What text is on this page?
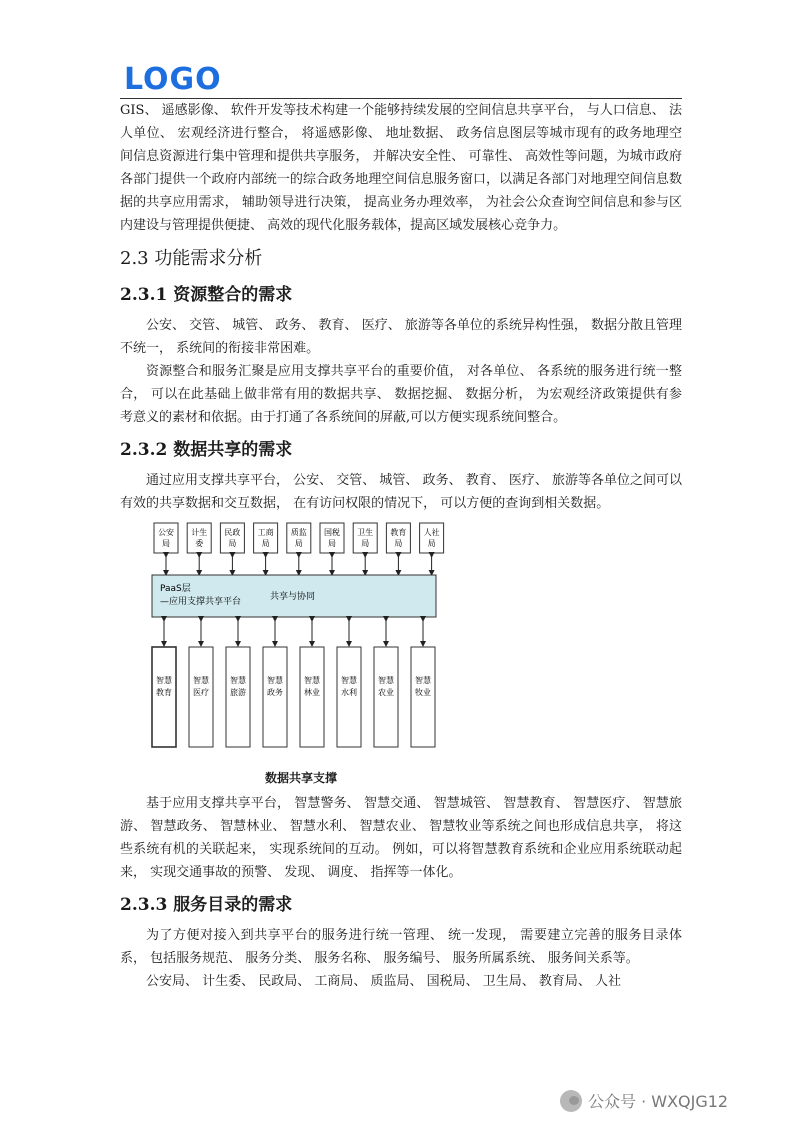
LOGO

GIS、 遥感影像、 软件开发等技术构建一个能够持续发展的空间信息共享平台， 与人口信息、 法人单位、 宏观经济进行整合， 将遥感影像、 地址数据、 政务信息图层等城市现有的政务地理空间信息资源进行集中管理和提供共享服务， 并解决安全性、 可靠性、 高效性等问题，为城市政府各部门提供一个政府内部统一的综合政务地理空间信息服务窗口，以满足各部门对地理空间信息数据的共享应用需求， 辅助领导进行决策， 提高业务办理效率， 为社会公众查询空间信息和参与区内建设与管理提供便捷、 高效的现代化服务载体，提高区域发展核心竞争力。

2.3 功能需求分析
2.3.1 资源整合的需求

公安、 交管、 城管、 政务、 教育、 医疗、 旅游等各单位的系统异构性强， 数据分散且管理不统一， 系统间的衔接非常困难。

资源整合和服务汇聚是应用支撑共享平台的重要价值， 对各单位、 各系统的服务进行统一整合， 可以在此基础上做非常有用的数据共享、 数据挖掘、 数据分析， 为宏观经济政策提供有参考意义的素材和依据。由于打通了各系统间的屏蔽,可以方便实现系统间整合。

2.3.2 数据共享的需求

通过应用支撑共享平台， 公安、 交管、 城管、 政务、 教育、 医疗、 旅游等各单位之间可以有效的共享数据和交互数据， 在有访问权限的情况下， 可以方便的查询到相关数据。

公安
局
计生
委
民政
局
工商
局
质监
局
国税
局
卫生
局
教育
局
人社
局
PaaS层
—应用支撑共享平台	共享与协同
智慧
教育
智慧
医疗
智慧
旅游
智慧
政务
智慧
林业
智慧
水利
智慧
农业
智慧
牧业
数据共享支撑

基于应用支撑共享平台， 智慧警务、 智慧交通、 智慧城管、 智慧教育、 智慧医疗、 智慧旅游、 智慧政务、 智慧林业、 智慧水利、 智慧农业、 智慧牧业等系统之间也形成信息共享， 将这些系统有机的关联起来， 实现系统间的互动。 例如，可以将智慧教育系统和企业应用系统联动起来， 实现交通事故的预警、 发现、 调度、 指挥等一体化。

2.3.3 服务目录的需求

为了方便对接入到共享平台的服务进行统一管理、 统一发现， 需要建立完善的服务目录体系， 包括服务规范、 服务分类、 服务名称、 服务编号、 服务所属系统、 服务间关系等。

公安局、 计生委、 民政局、 工商局、 质监局、 国税局、 卫生局、 教育局、 人社

公众号 · WXQJG12
